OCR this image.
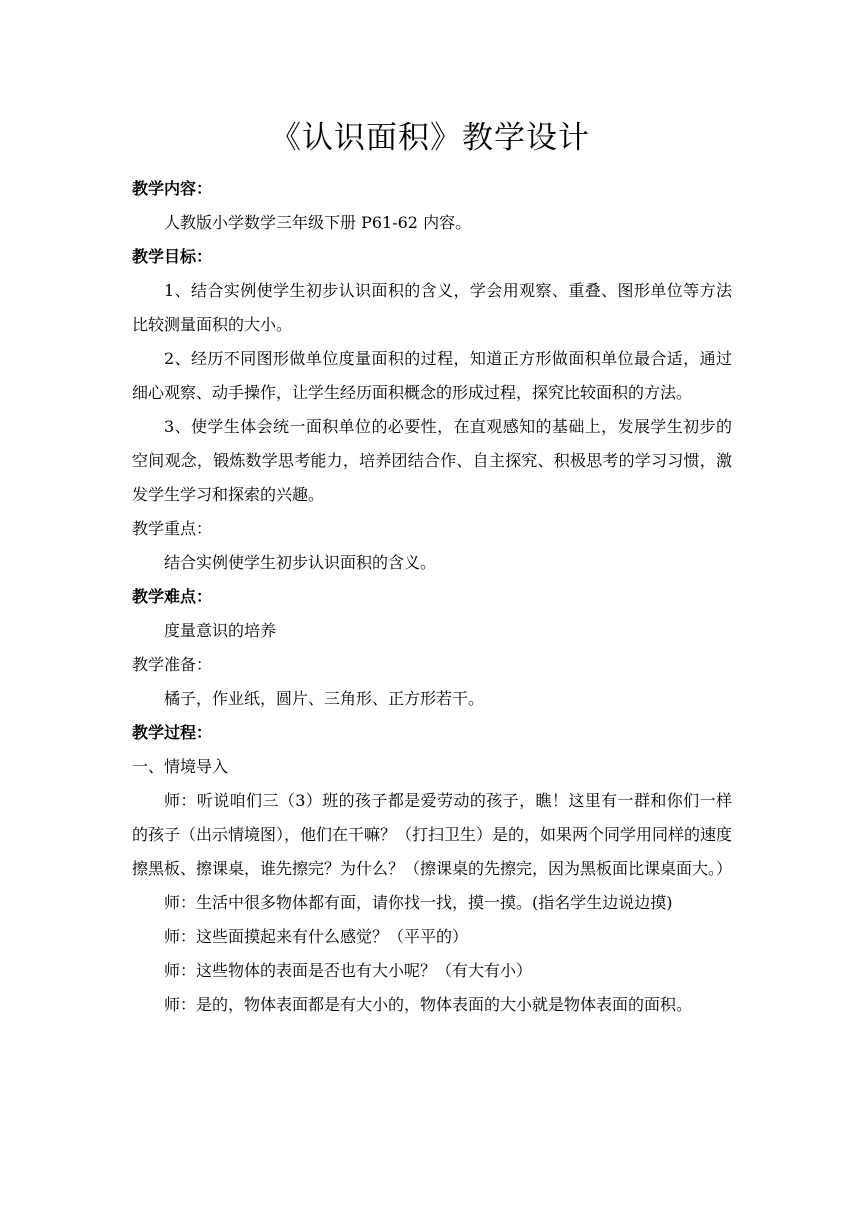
《认识面积》教学设计

教学内容：

人教版小学数学三年级下册 P61-62 内容。

教学目标：

1、结合实例使学生初步认识面积的含义，学会用观察、重叠、图形单位等方法比较测量面积的大小。

2、经历不同图形做单位度量面积的过程，知道正方形做面积单位最合适，通过细心观察、动手操作，让学生经历面积概念的形成过程，探究比较面积的方法。

3、使学生体会统一面积单位的必要性，在直观感知的基础上，发展学生初步的空间观念，锻炼数学思考能力，培养团结合作、自主探究、积极思考的学习习惯，激发学生学习和探索的兴趣。

教学重点：

结合实例使学生初步认识面积的含义。

教学难点：

度量意识的培养

教学准备：

橘子，作业纸，圆片、三角形、正方形若干。

教学过程：

一、情境导入

师：听说咱们三（3）班的孩子都是爱劳动的孩子，瞧！这里有一群和你们一样的孩子（出示情境图），他们在干嘛？（打扫卫生）是的，如果两个同学用同样的速度擦黑板、擦课桌，谁先擦完？为什么？（擦课桌的先擦完，因为黑板面比课桌面大。）

师：生活中很多物体都有面，请你找一找，摸一摸。(指名学生边说边摸)

师：这些面摸起来有什么感觉？（平平的）

师：这些物体的表面是否也有大小呢？（有大有小）

师：是的，物体表面都是有大小的，物体表面的大小就是物体表面的面积。
